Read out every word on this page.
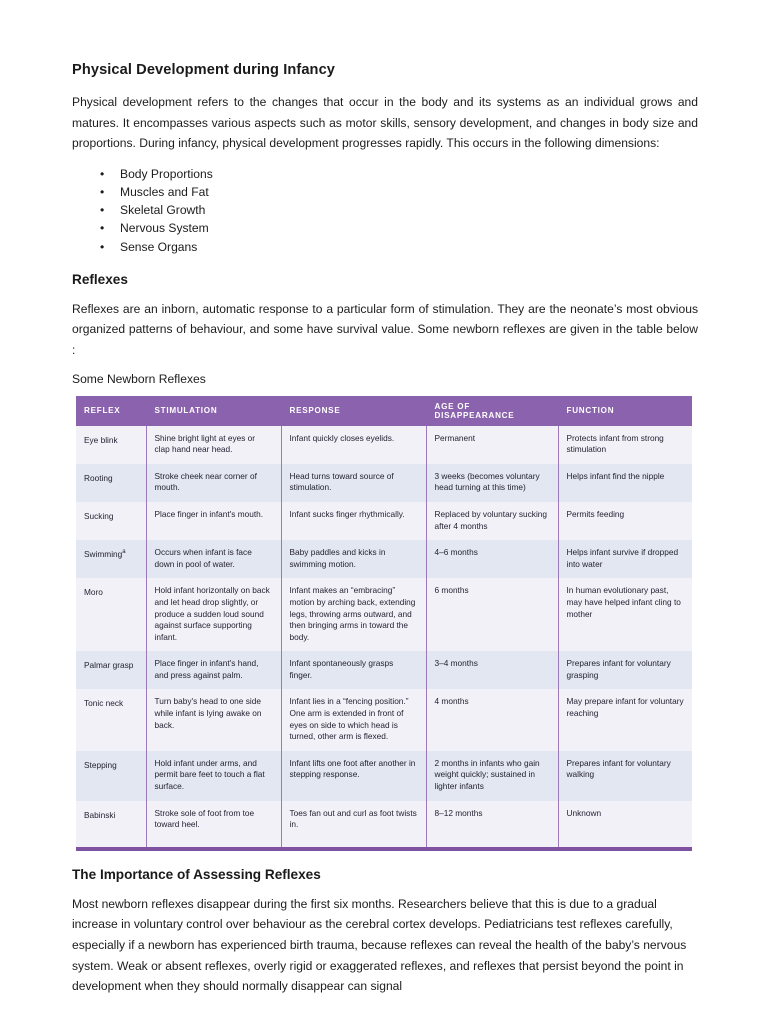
Physical Development during Infancy

Physical development refers to the changes that occur in the body and its systems as an individual grows and matures. It encompasses various aspects such as motor skills, sensory development, and changes in body size and proportions. During infancy, physical development progresses rapidly. This occurs in the following dimensions:

• Body Proportions
• Muscles and Fat
• Skeletal Growth
• Nervous System
• Sense Organs
Reflexes

Reflexes are an inborn, automatic response to a particular form of stimulation. They are the neonate’s most obvious organized patterns of behaviour, and some have survival value. Some newborn reflexes are given in the table below :

Some Newborn Reflexes

REFLEX	STIMULATION	RESPONSE	AGE OF DISAPPEARANCE	FUNCTION
Eye blink	Shine bright light at eyes or clap hand near head.	Infant quickly closes eyelids.	Permanent	Protects infant from strong stimulation
Rooting	Stroke cheek near corner of mouth.	Head turns toward source of stimulation.	3 weeks (becomes voluntary head turning at this time)	Helps infant find the nipple
Sucking	Place finger in infant's mouth.	Infant sucks finger rhythmically.	Replaced by voluntary sucking after 4 months	Permits feeding
Swimming$^a$	Occurs when infant is face down in pool of water.	Baby paddles and kicks in swimming motion.	4–6 months	Helps infant survive if dropped into water
Moro	Hold infant horizontally on back and let head drop slightly, or produce a sudden loud sound against surface supporting infant.	Infant makes an “embracing” motion by arching back, extending legs, throwing arms outward, and then bringing arms in toward the body.	6 months	In human evolutionary past, may have helped infant cling to mother
Palmar grasp	Place finger in infant's hand, and press against palm.	Infant spontaneously grasps finger.	3–4 months	Prepares infant for voluntary grasping
Tonic neck	Turn baby's head to one side while infant is lying awake on back.	Infant lies in a “fencing position.” One arm is extended in front of eyes on side to which head is turned, other arm is flexed.	4 months	May prepare infant for voluntary reaching
Stepping	Hold infant under arms, and permit bare feet to touch a flat surface.	Infant lifts one foot after another in stepping response.	2 months in infants who gain weight quickly; sustained in lighter infants	Prepares infant for voluntary walking
Babinski	Stroke sole of foot from toe toward heel.	Toes fan out and curl as foot twists in.	8–12 months	Unknown

The Importance of Assessing Reflexes

Most newborn reflexes disappear during the first six months. Researchers believe that this is due to a gradual increase in voluntary control over behaviour as the cerebral cortex develops. Pediatricians test reflexes carefully, especially if a newborn has experienced birth trauma, because reflexes can reveal the health of the baby’s nervous system. Weak or absent reflexes, overly rigid or exaggerated reflexes, and reflexes that persist beyond the point in development when they should normally disappear can signal
